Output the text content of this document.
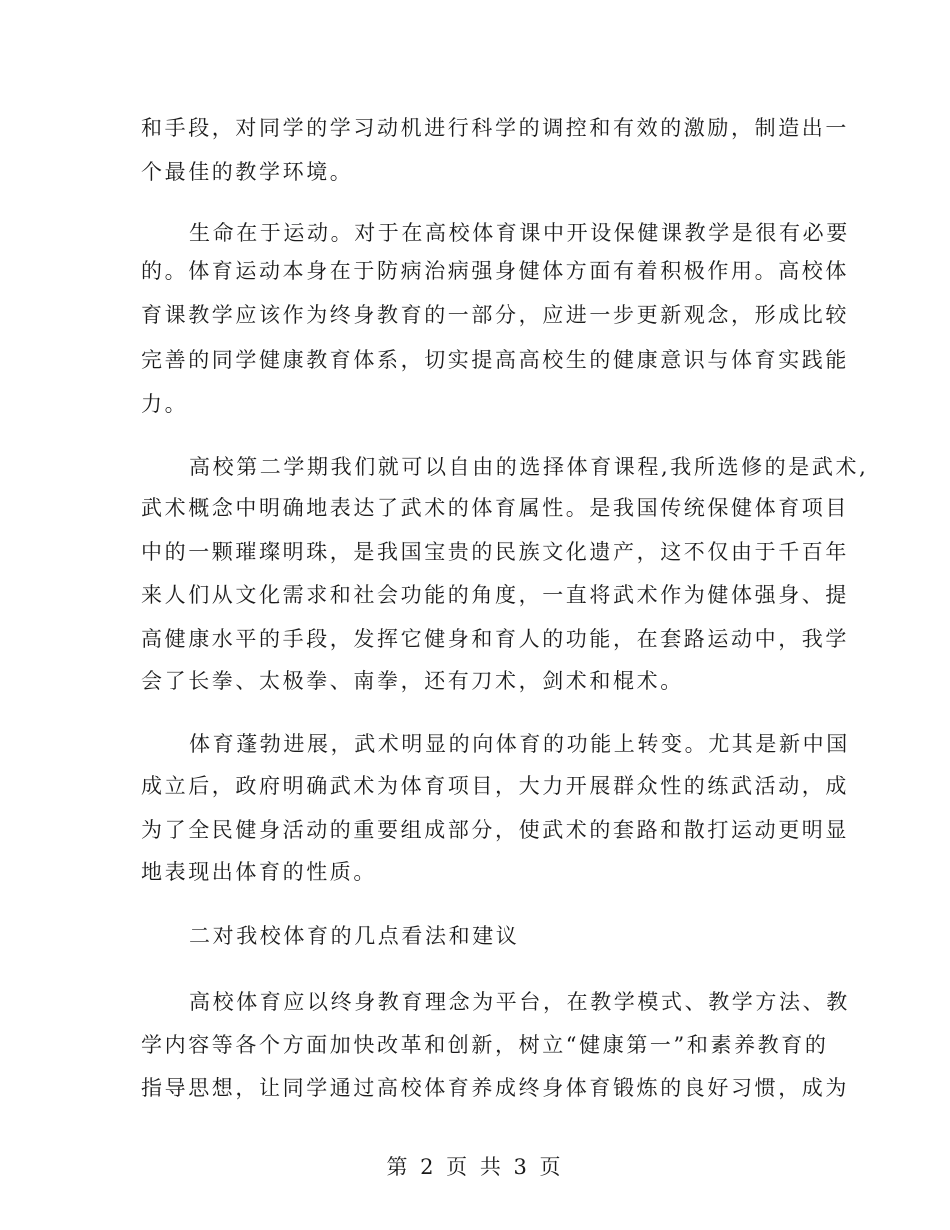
和手段，对同学的学习动机进行科学的调控和有效的激励，制造出一
个最佳的教学环境。
生命在于运动。对于在高校体育课中开设保健课教学是很有必要
的。体育运动本身在于防病治病强身健体方面有着积极作用。高校体
育课教学应该作为终身教育的一部分，应进一步更新观念，形成比较
完善的同学健康教育体系，切实提高高校生的健康意识与体育实践能
力。
高校第二学期我们就可以自由的选择体育课程,我所选修的是武术,
武术概念中明确地表达了武术的体育属性。是我国传统保健体育项目
中的一颗璀璨明珠，是我国宝贵的民族文化遗产，这不仅由于千百年
来人们从文化需求和社会功能的角度，一直将武术作为健体强身、提
高健康水平的手段，发挥它健身和育人的功能，在套路运动中，我学
会了长拳、太极拳、南拳，还有刀术，剑术和棍术。
体育蓬勃进展，武术明显的向体育的功能上转变。尤其是新中国
成立后，政府明确武术为体育项目，大力开展群众性的练武活动，成
为了全民健身活动的重要组成部分，使武术的套路和散打运动更明显
地表现出体育的性质。
二对我校体育的几点看法和建议
高校体育应以终身教育理念为平台，在教学模式、教学方法、教
学内容等各个方面加快改革和创新，树立“健康第一”和素养教育的
指导思想，让同学通过高校体育养成终身体育锻炼的良好习惯，成为
第 2 页 共 3 页
